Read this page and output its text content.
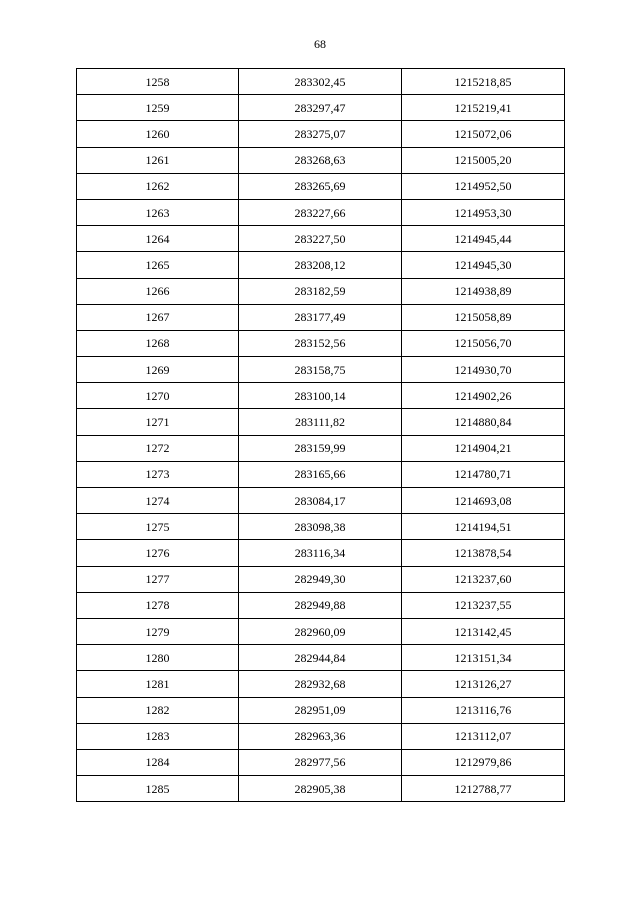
68
1258	283302,45	1215218,85
1259	283297,47	1215219,41
1260	283275,07	1215072,06
1261	283268,63	1215005,20
1262	283265,69	1214952,50
1263	283227,66	1214953,30
1264	283227,50	1214945,44
1265	283208,12	1214945,30
1266	283182,59	1214938,89
1267	283177,49	1215058,89
1268	283152,56	1215056,70
1269	283158,75	1214930,70
1270	283100,14	1214902,26
1271	283111,82	1214880,84
1272	283159,99	1214904,21
1273	283165,66	1214780,71
1274	283084,17	1214693,08
1275	283098,38	1214194,51
1276	283116,34	1213878,54
1277	282949,30	1213237,60
1278	282949,88	1213237,55
1279	282960,09	1213142,45
1280	282944,84	1213151,34
1281	282932,68	1213126,27
1282	282951,09	1213116,76
1283	282963,36	1213112,07
1284	282977,56	1212979,86
1285	282905,38	1212788,77
